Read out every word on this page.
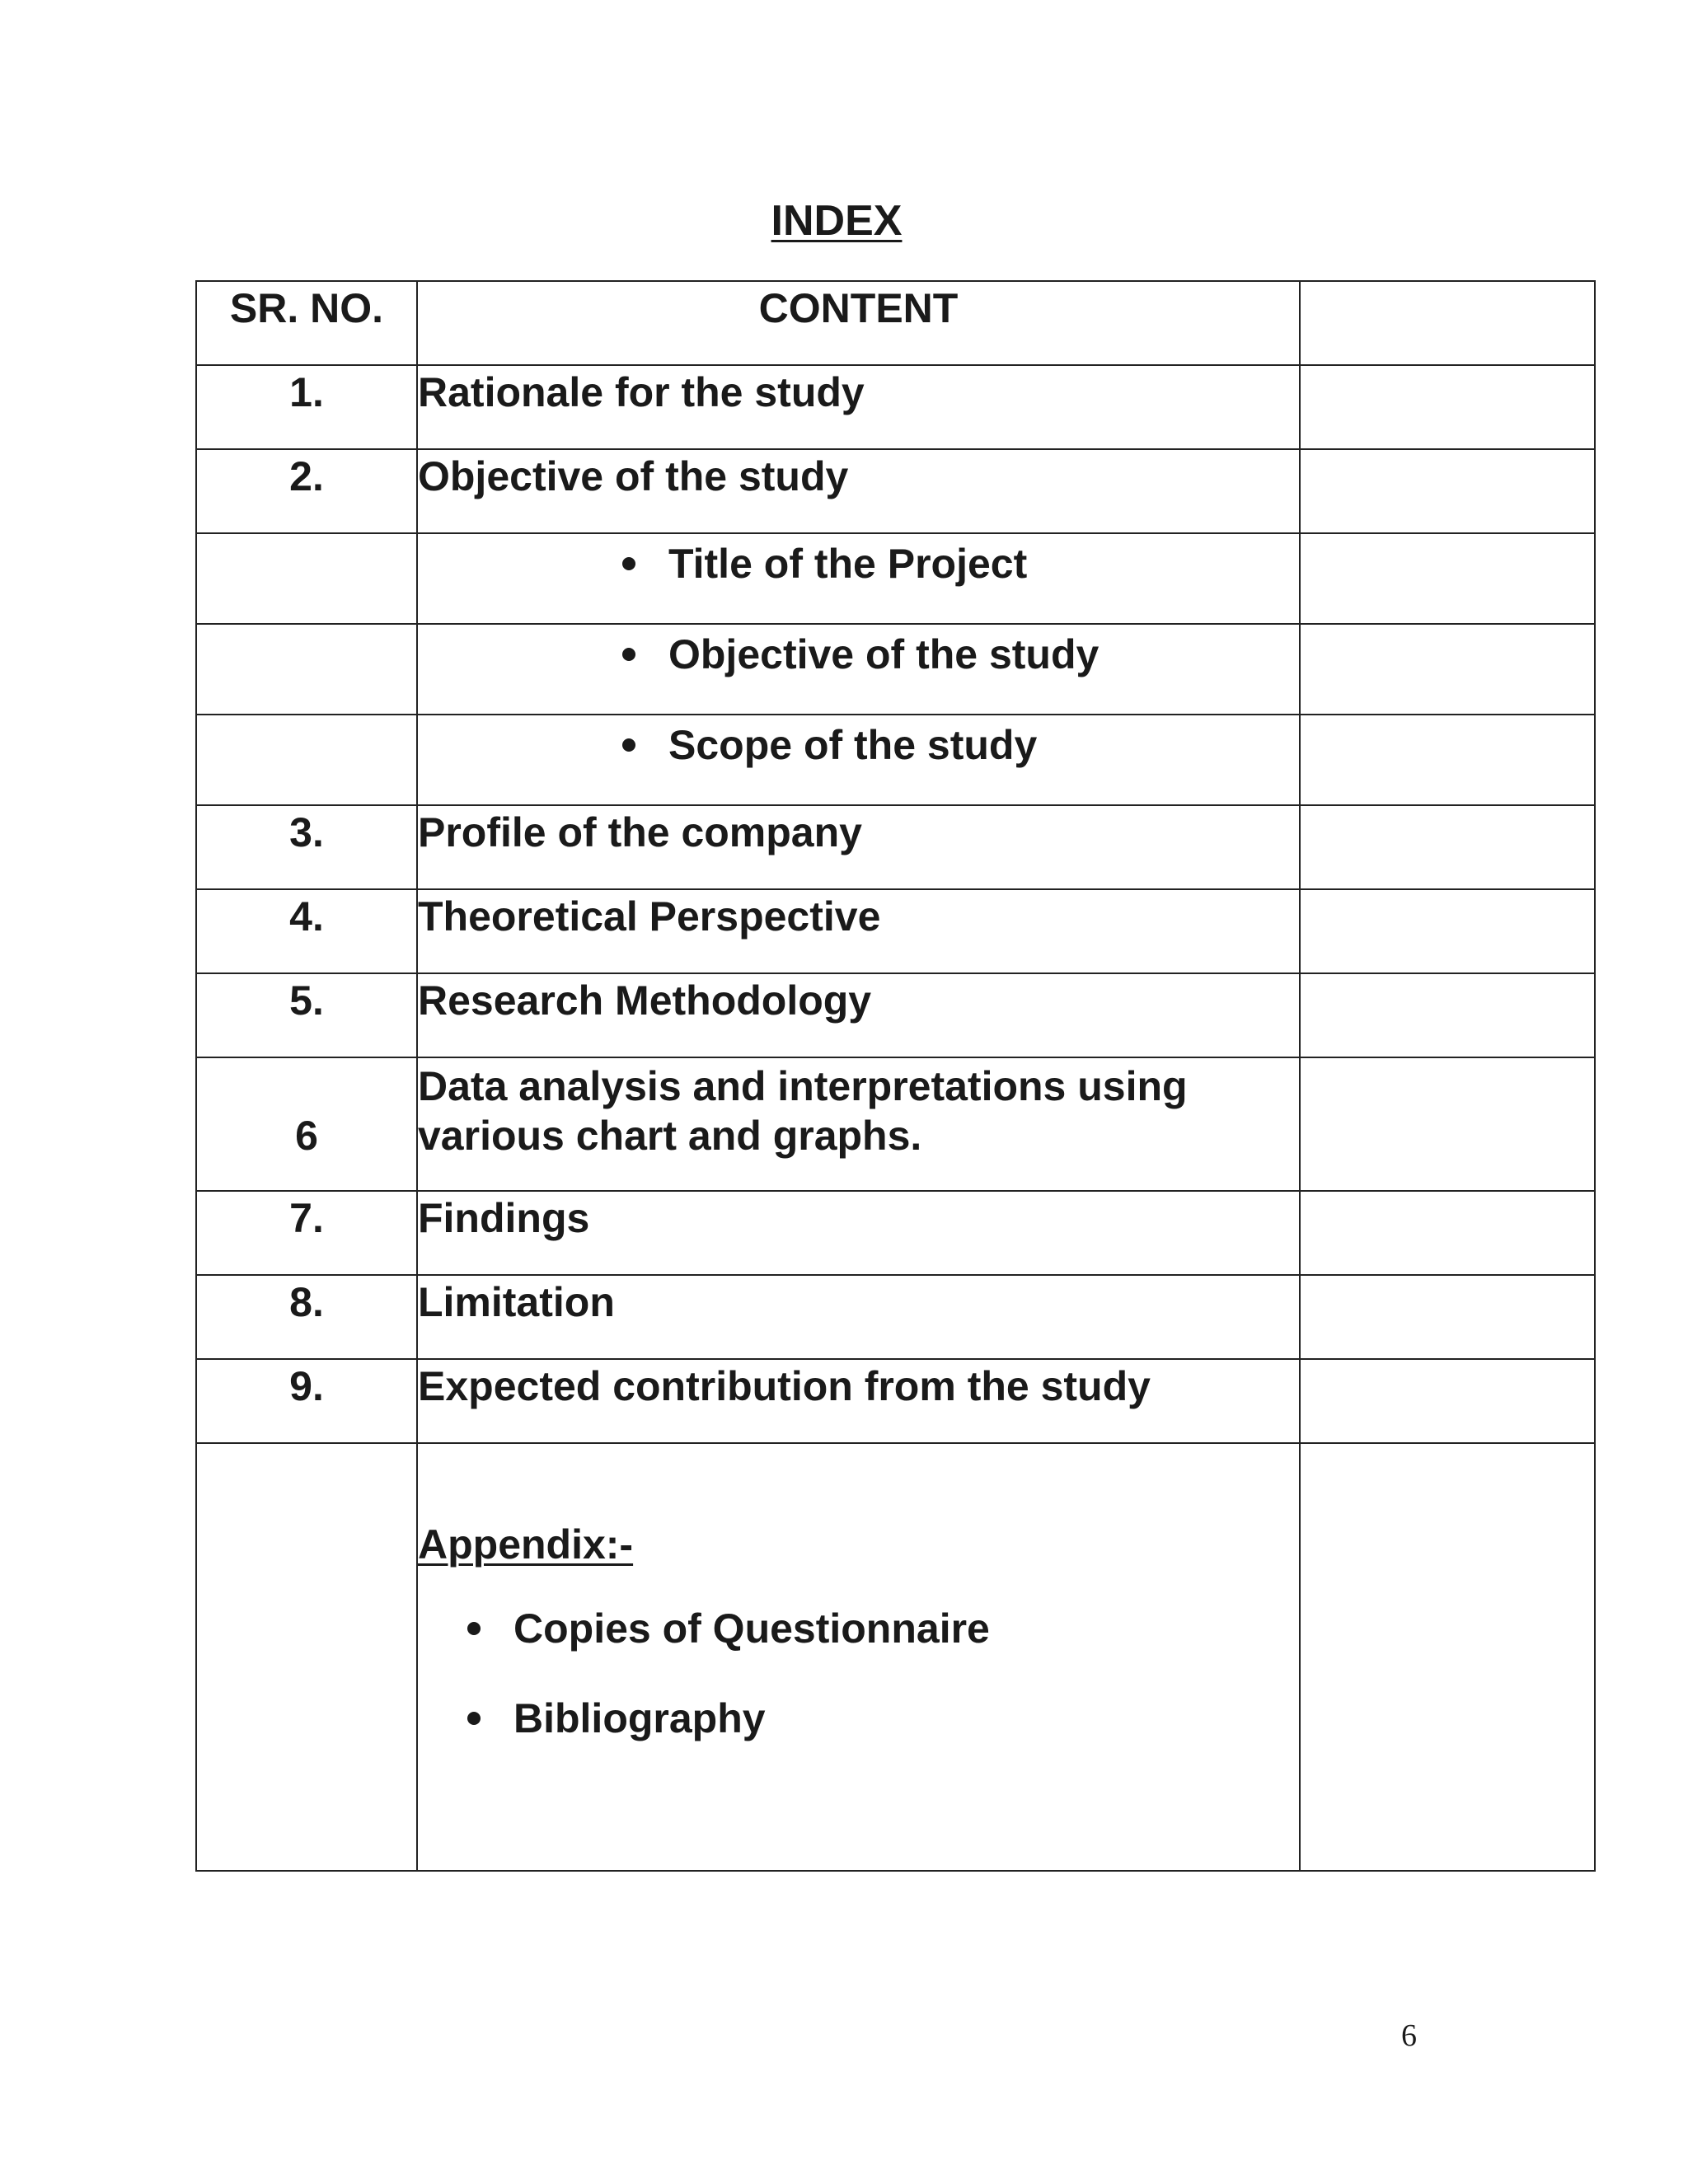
INDEX
SR. NO.	CONTENT	
1.	Rationale for the study	
2.	Objective of the study	

	Title of the Project	

	Objective of the study	

	Scope of the study	

3.	Profile of the company	
4.	Theoretical Perspective	
5.	Research Methodology	
6	Data analysis and interpretations using
various chart and graphs.	

7.	Findings	
8.	Limitation	
9.	Expected contribution from the study	

	Appendix:-
Copies of Questionnaire
Bibliography	

6
